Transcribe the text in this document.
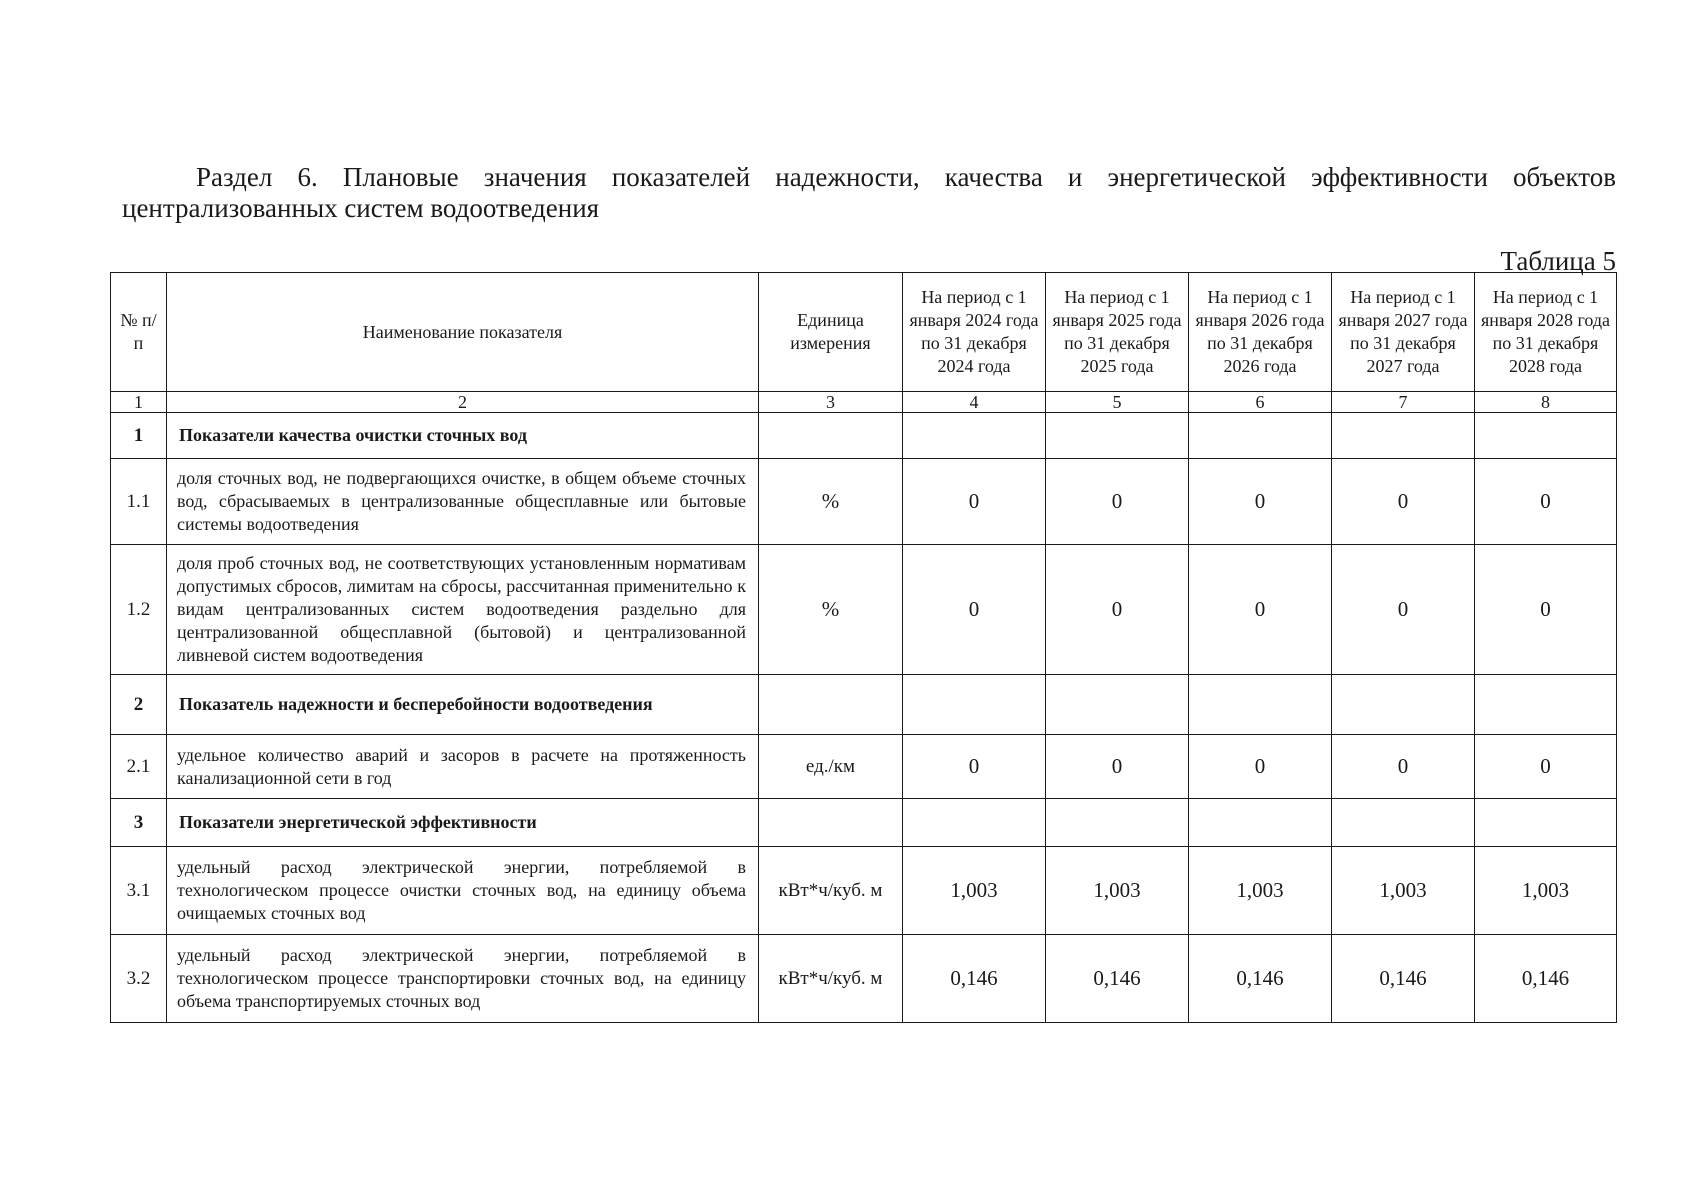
Раздел 6. Плановые значения показателей надежности, качества и энергетической эффективности объектов
централизованных систем водоотведения
Таблица 5
№ п/п	Наименование показателя	Единица измерения	На период с 1 января 2024 года по 31 декабря 2024 года	На период с 1 января 2025 года по 31 декабря 2025 года	На период с 1 января 2026 года по 31 декабря 2026 года	На период с 1 января 2027 года по 31 декабря 2027 года	На период с 1 января 2028 года по 31 декабря 2028 года
1	2	3	4	5	6	7	8
1	Показатели качества очистки сточных вод						
1.1	доля сточных вод, не подвергающихся очистке, в общем объеме сточных вод, сбрасываемых в централизованные общесплавные или бытовые системы водоотведения	%	0	0	0	0	0
1.2	доля проб сточных вод, не соответствующих установленным нормативам допустимых сбросов, лимитам на сбросы, рассчитанная применительно к видам централизованных систем водоотведения раздельно для централизованной общесплавной (бытовой) и централизованной ливневой систем водоотведения	%	0	0	0	0	0
2	Показатель надежности и бесперебойности водоотведения						
2.1	удельное количество аварий и засоров в расчете на протяженность канализационной сети в год	ед./км	0	0	0	0	0
3	Показатели энергетической эффективности						
3.1	удельный расход электрической энергии, потребляемой в технологическом процессе очистки сточных вод, на единицу объема очищаемых сточных вод	кВт*ч/куб. м	1,003	1,003	1,003	1,003	1,003
3.2	удельный расход электрической энергии, потребляемой в технологическом процессе транспортировки сточных вод, на единицу объема транспортируемых сточных вод	кВт*ч/куб. м	0,146	0,146	0,146	0,146	0,146
